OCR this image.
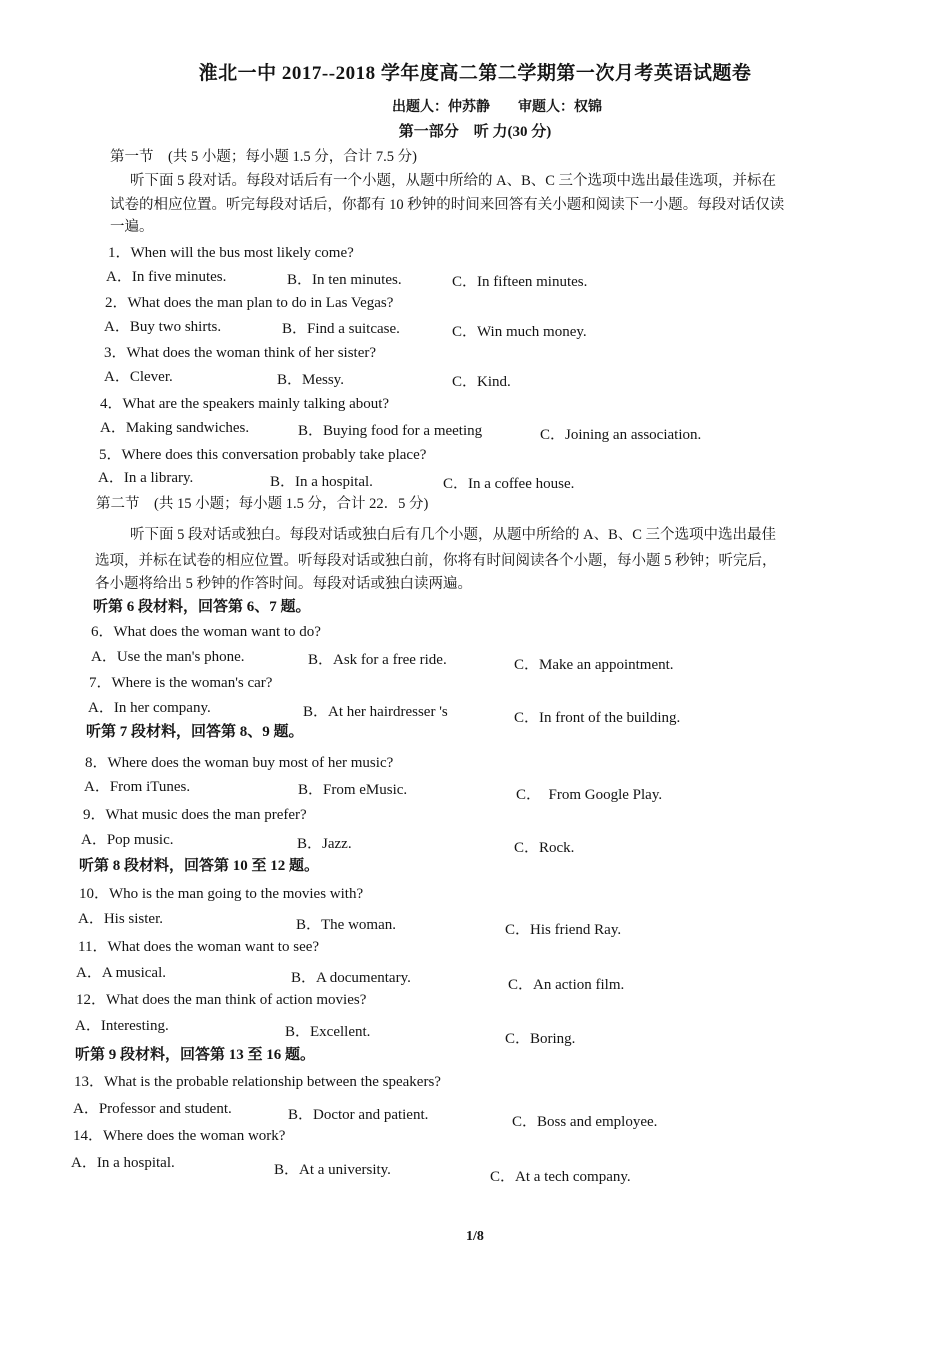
淮北一中 2017--2018 学年度高二第二学期第一次月考英语试题卷
出题人：仲苏静　　审题人：权锦
第一部分　听 力(30 分)
第一节　(共 5 小题；每小题 1.5 分，合计 7.5 分)
听下面 5 段对话。每段对话后有一个小题，从题中所给的 A、B、C 三个选项中选出最佳选项，并标在
试卷的相应位置。听完每段对话后，你都有 10 秒钟的时间来回答有关小题和阅读下一小题。每段对话仅读
一遍。
1．When will the bus most likely come?
A．In five minutes.	B．In ten minutes.	C．In fifteen minutes.
2．What does the man plan to do in Las Vegas?
A．Buy two shirts.	B．Find a suitcase.	C．Win much money.
3．What does the woman think of her sister?
A．Clever.	B．Messy.	C．Kind.
4．What are the speakers mainly talking about?
A．Making sandwiches.	B．Buying food for a meeting	C．Joining an association.
5．Where does this conversation probably take place?
A．In a library.	B．In a hospital.	C．In a coffee house.
第二节　(共 15 小题；每小题 1.5 分，合计 22．5 分)
听下面 5 段对话或独白。每段对话或独白后有几个小题，从题中所给的 A、B、C 三个选项中选出最佳
选项，并标在试卷的相应位置。听每段对话或独白前，你将有时间阅读各个小题，每小题 5 秒钟；听完后，
各小题将给出 5 秒钟的作答时间。每段对话或独白读两遍。
听第 6 段材料，回答第 6、7 题。
6．What does the woman want to do?
A．Use the man's phone.	B．Ask for a free ride.	C．Make an appointment.
7．Where is the woman's car?
A．In her company.	B．At her hairdresser 's	C．In front of the building.
听第 7 段材料，回答第 8、9 题。
8．Where does the woman buy most of her music?
A．From iTunes.	B．From eMusic.	C．　From Google Play.
9．What music does the man prefer?
A．Pop music.	B．Jazz.	C．Rock.
听第 8 段材料，回答第 10 至 12 题。
10．Who is the man going to the movies with?
A．His sister.	B．The woman.	C．His friend Ray.
11．What does the woman want to see?
A．A musical.	B．A documentary.	C．An action film.
12．What does the man think of action movies?
A．Interesting.	B．Excellent.	C．Boring.
听第 9 段材料，回答第 13 至 16 题。
13．What is the probable relationship between the speakers?
A．Professor and student.	B．Doctor and patient.	C．Boss and employee.
14．Where does the woman work?
A．In a hospital.	B．At a university.	C．At a tech company.
1/8
